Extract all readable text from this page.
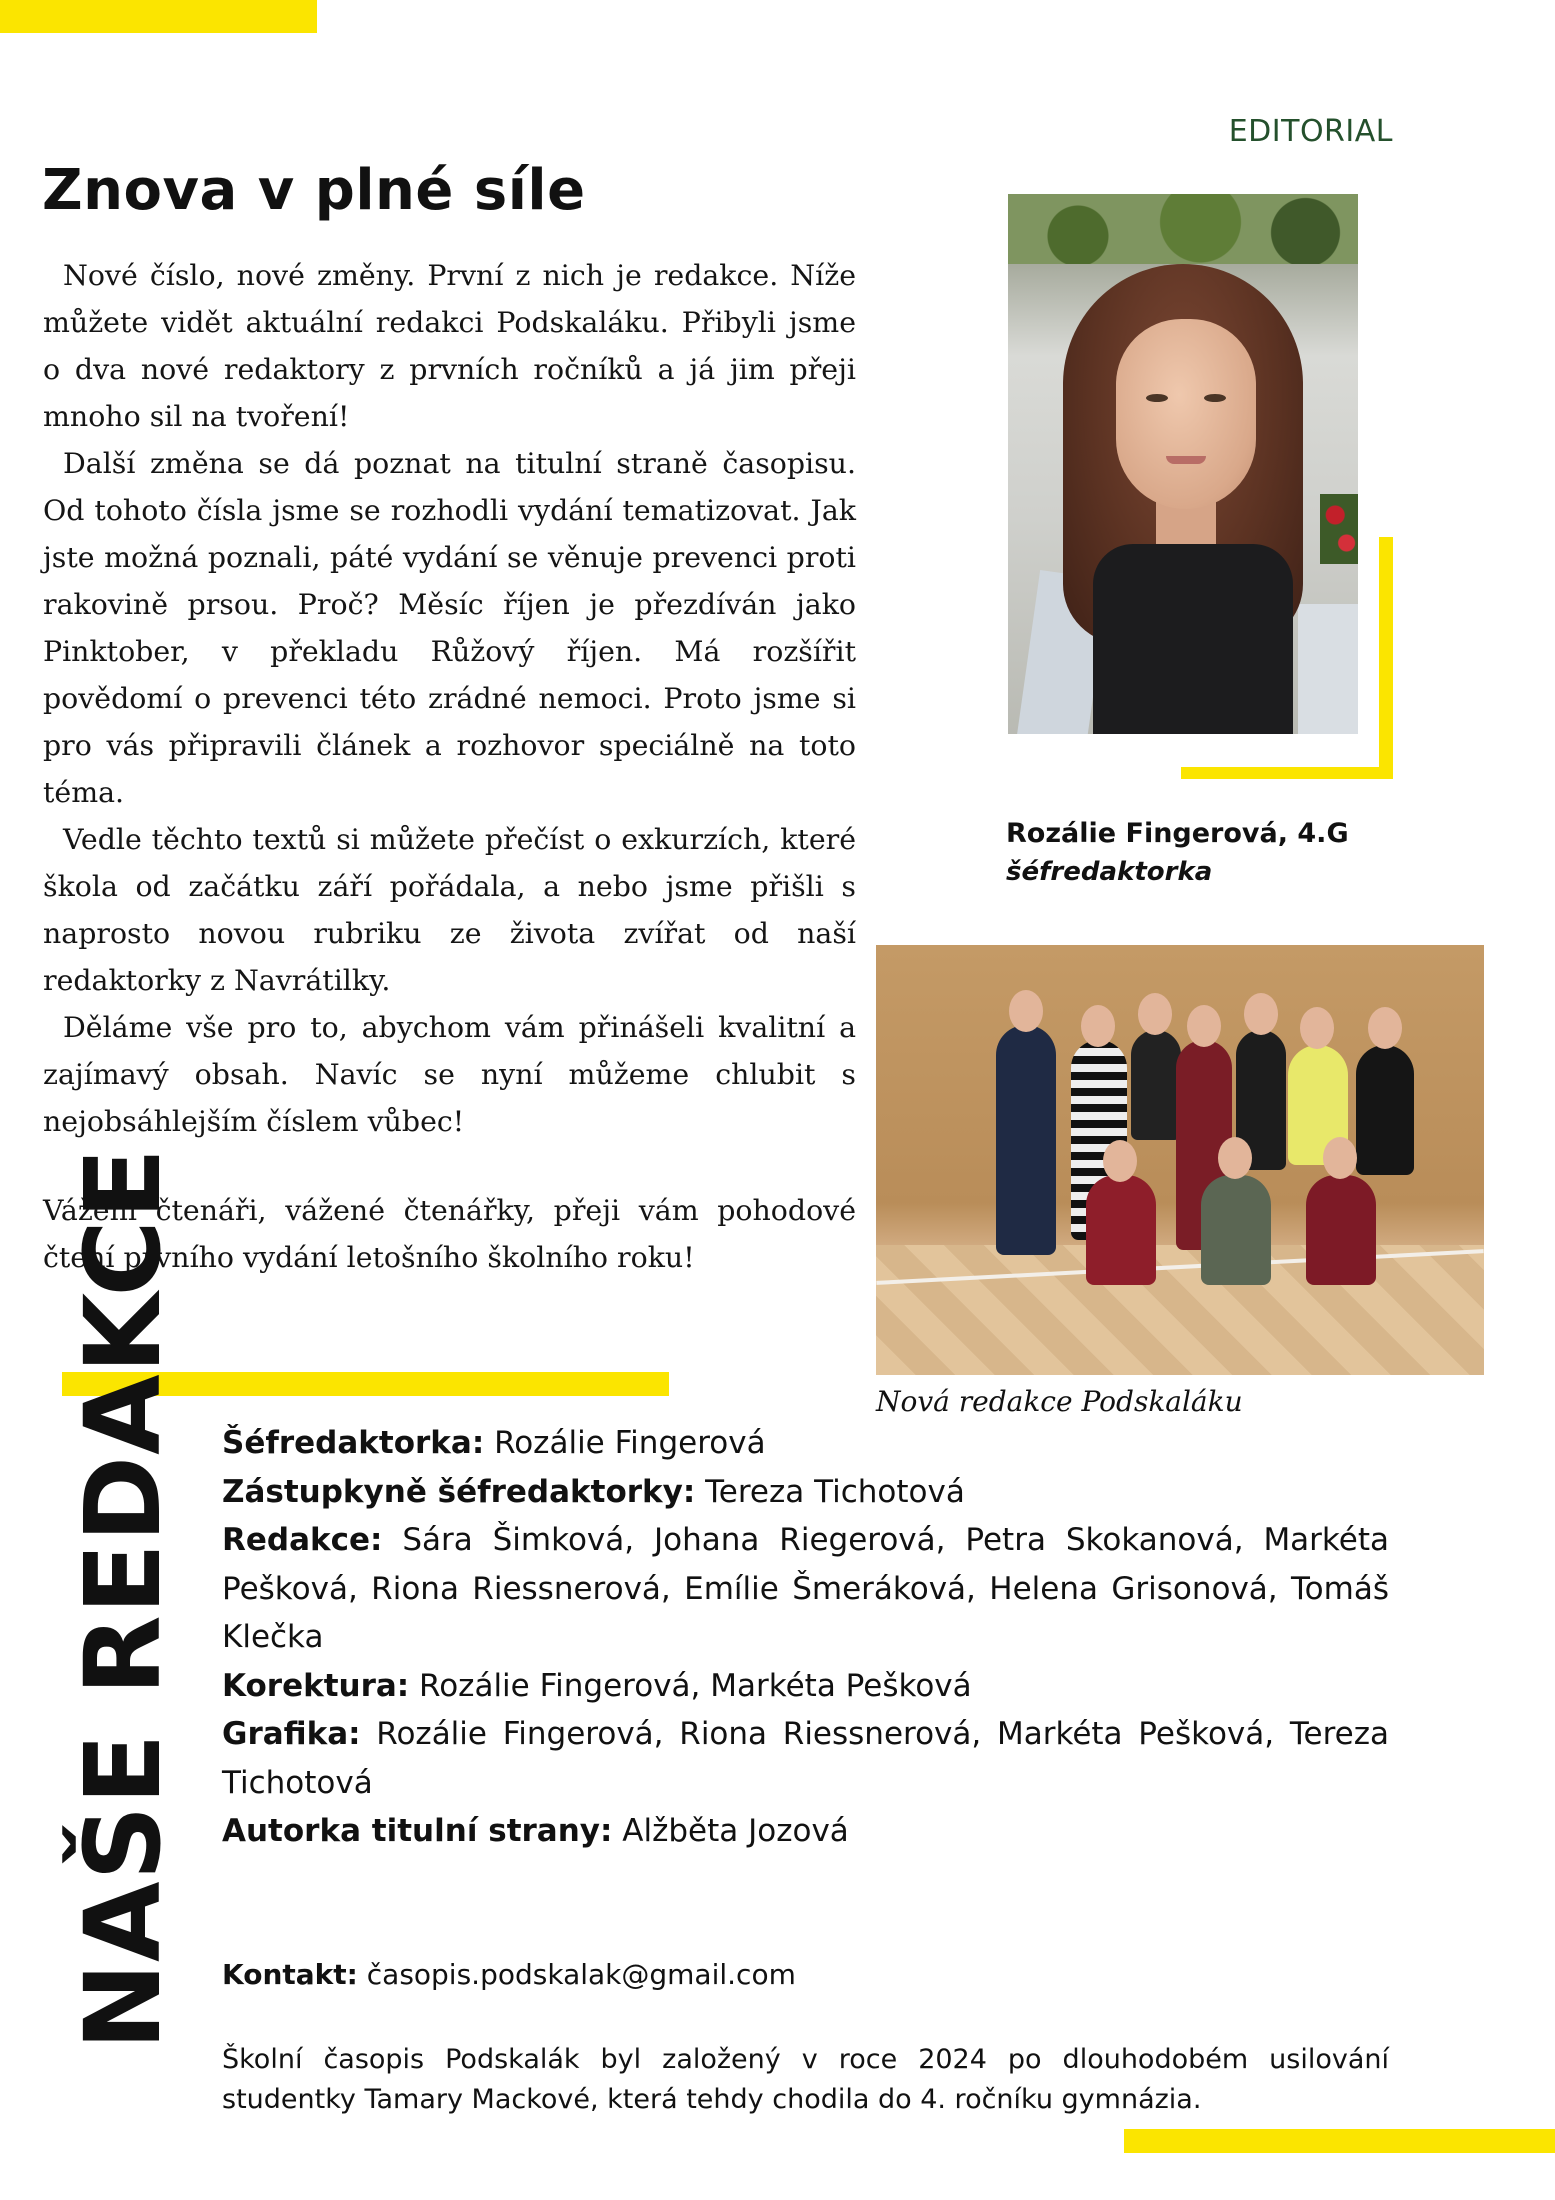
EDITORIAL
Znova v plné síle

Nové číslo, nové změny. První z nich je redakce. Níže můžete vidět aktuální redakci Podskaláku. Přibyli jsme o dva nové redaktory z prvních ročníků a já jim přeji mnoho sil na tvoření!

Další změna se dá poznat na titulní straně časopisu. Od tohoto čísla jsme se rozhodli vydání tematizovat. Jak jste možná poznali, páté vydání se věnuje prevenci proti rakovině prsou. Proč? Měsíc říjen je přezdíván jako Pinktober, v překladu Růžový říjen. Má rozšířit povědomí o prevenci této zrádné nemoci. Proto jsme si pro vás připravili článek a rozhovor speciálně na toto téma.

Vedle těchto textů si můžete přečíst o exkurzích, které škola od začátku září pořádala, a nebo jsme přišli s naprosto novou rubriku ze života zvířat od naší redaktorky z Navrátilky.

Děláme vše pro to, abychom vám přinášeli kvalitní a zajímavý obsah. Navíc se nyní můžeme chlubit s nejobsáhlejším číslem vůbec!

Vážení čtenáři, vážené čtenářky, přeji vám pohodové čtení prvního vydání letošního školního roku!

Rozálie Fingerová, 4.G
šéfredaktorka
Nová redakce Podskaláku
NAŠE REDAKCE Šéfredaktorka: Rozálie Fingerová
Zástupkyně šéfredaktorky: Tereza Tichotová
Redakce: Sára Šimková, Johana Riegerová, Petra Skokanová, Markéta Pešková, Riona Riessnerová, Emílie Šmeráková, Helena Grisonová, Tomáš Klečka
Korektura: Rozálie Fingerová, Markéta Pešková
Grafika: Rozálie Fingerová, Riona Riessnerová, Markéta Pešková, Tereza Tichotová
Autorka titulní strany: Alžběta Jozová
Kontakt: časopis.podskalak@gmail.com

Školní časopis Podskalák byl založený v roce 2024 po dlouhodobém usilování studentky Tamary Mackové, která tehdy chodila do 4. ročníku gymnázia.
